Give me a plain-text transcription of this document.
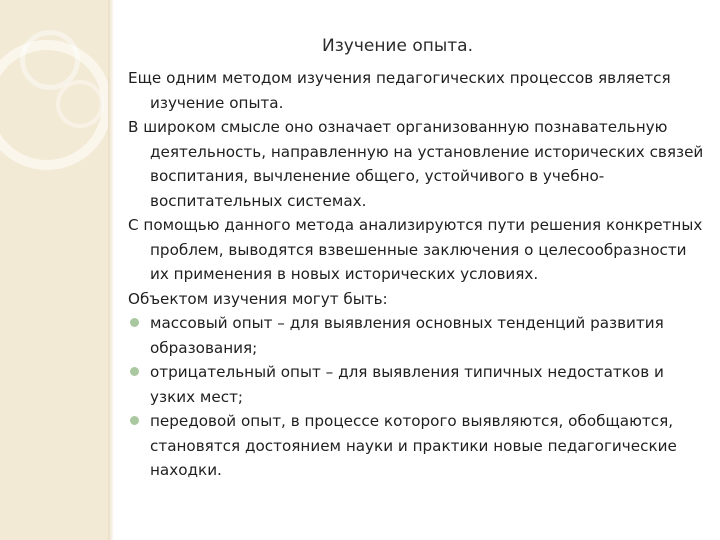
Изучение опыта.

Еще одним методом изучения педагогических процессов является изучение опыта.

В широком смысле оно означает организованную познавательную деятельность, направленную на установление исторических связей воспитания, вычленение общего, устойчивого в учебно-воспитательных системах.

С помощью данного метода анализируются пути решения конкретных проблем, выводятся взвешенные заключения о целесообразности их применения в новых исторических условиях.

Объектом изучения могут быть:

массовый опыт – для выявления основных тенденций развития образования;
отрицательный опыт – для выявления типичных недостатков и узких мест;
передовой опыт, в процессе которого выявляются, обобщаются, становятся достоянием науки и практики новые педагогические находки.
